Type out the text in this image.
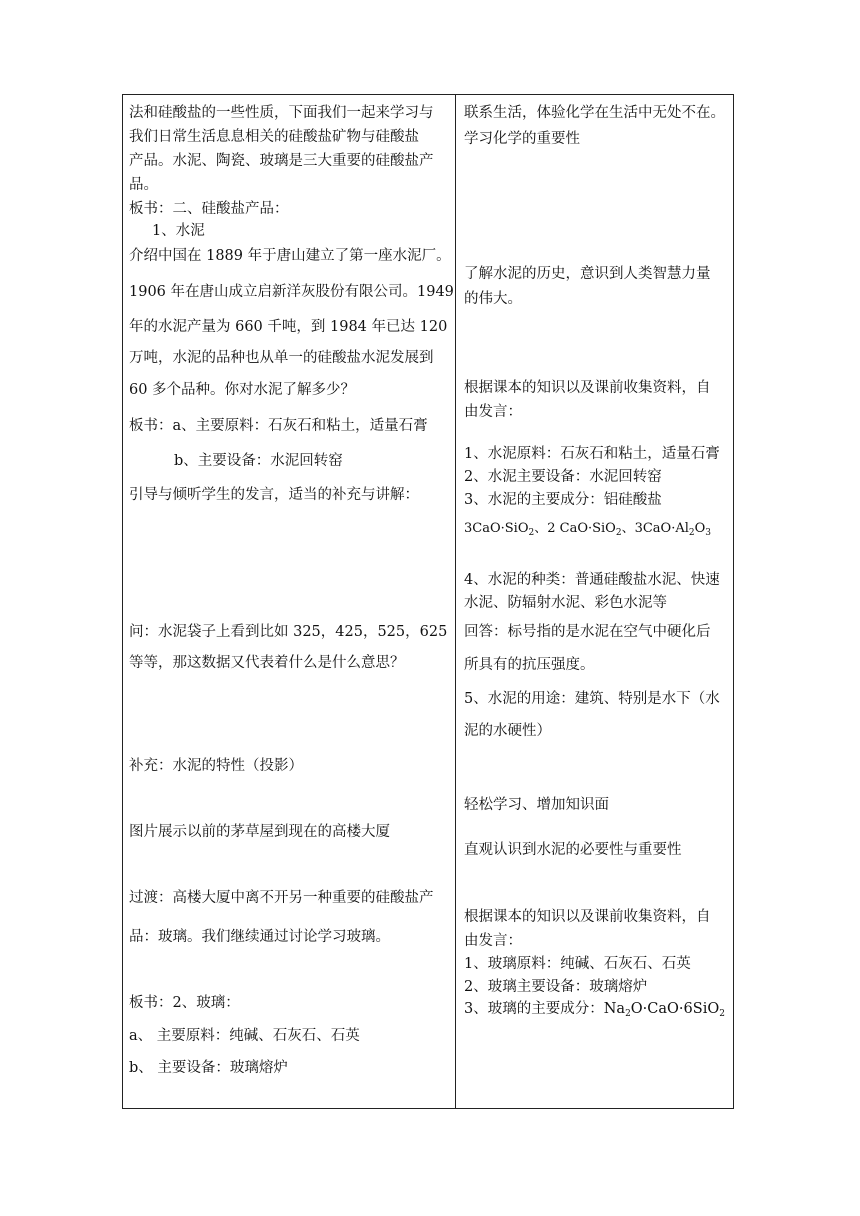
法和硅酸盐的一些性质，下面我们一起来学习与
我们日常生活息息相关的硅酸盐矿物与硅酸盐
产品。水泥、陶瓷、玻璃是三大重要的硅酸盐产
品。
板书：二、硅酸盐产品：
1、水泥
介绍中国在 1889 年于唐山建立了第一座水泥厂。
1906 年在唐山成立启新洋灰股份有限公司。1949
年的水泥产量为 660 千吨，到 1984 年已达 120
万吨，水泥的品种也从单一的硅酸盐水泥发展到
60 多个品种。你对水泥了解多少？
板书：a、主要原料：石灰石和粘土，适量石膏
b、主要设备：水泥回转窑
引导与倾听学生的发言，适当的补充与讲解：
问：水泥袋子上看到比如 325，425，525，625
等等，那这数据又代表着什么是什么意思？
补充：水泥的特性（投影）
图片展示以前的茅草屋到现在的高楼大厦
过渡：高楼大厦中离不开另一种重要的硅酸盐产
品：玻璃。我们继续通过讨论学习玻璃。
板书：2、玻璃：
a、 主要原料：纯碱、石灰石、石英
b、 主要设备：玻璃熔炉
联系生活，体验化学在生活中无处不在。
学习化学的重要性
了解水泥的历史，意识到人类智慧力量
的伟大。
根据课本的知识以及课前收集资料，自
由发言：
1、水泥原料：石灰石和粘土，适量石膏
2、水泥主要设备：水泥回转窑
3、水泥的主要成分：铝硅酸盐
3CaO·SiO$_2$、2 CaO·SiO$_2$、$3CaO\cdot Al_2O_3$
4、水泥的种类：普通硅酸盐水泥、快速
水泥、防辐射水泥、彩色水泥等
回答：标号指的是水泥在空气中硬化后
所具有的抗压强度。
5、水泥的用途：建筑、特别是水下（水
泥的水硬性）
轻松学习、增加知识面
直观认识到水泥的必要性与重要性
根据课本的知识以及课前收集资料，自
由发言：
1、玻璃原料：纯碱、石灰石、石英
2、玻璃主要设备：玻璃熔炉
3、玻璃的主要成分：$Na_2O\cdot CaO\cdot 6SiO_2$
